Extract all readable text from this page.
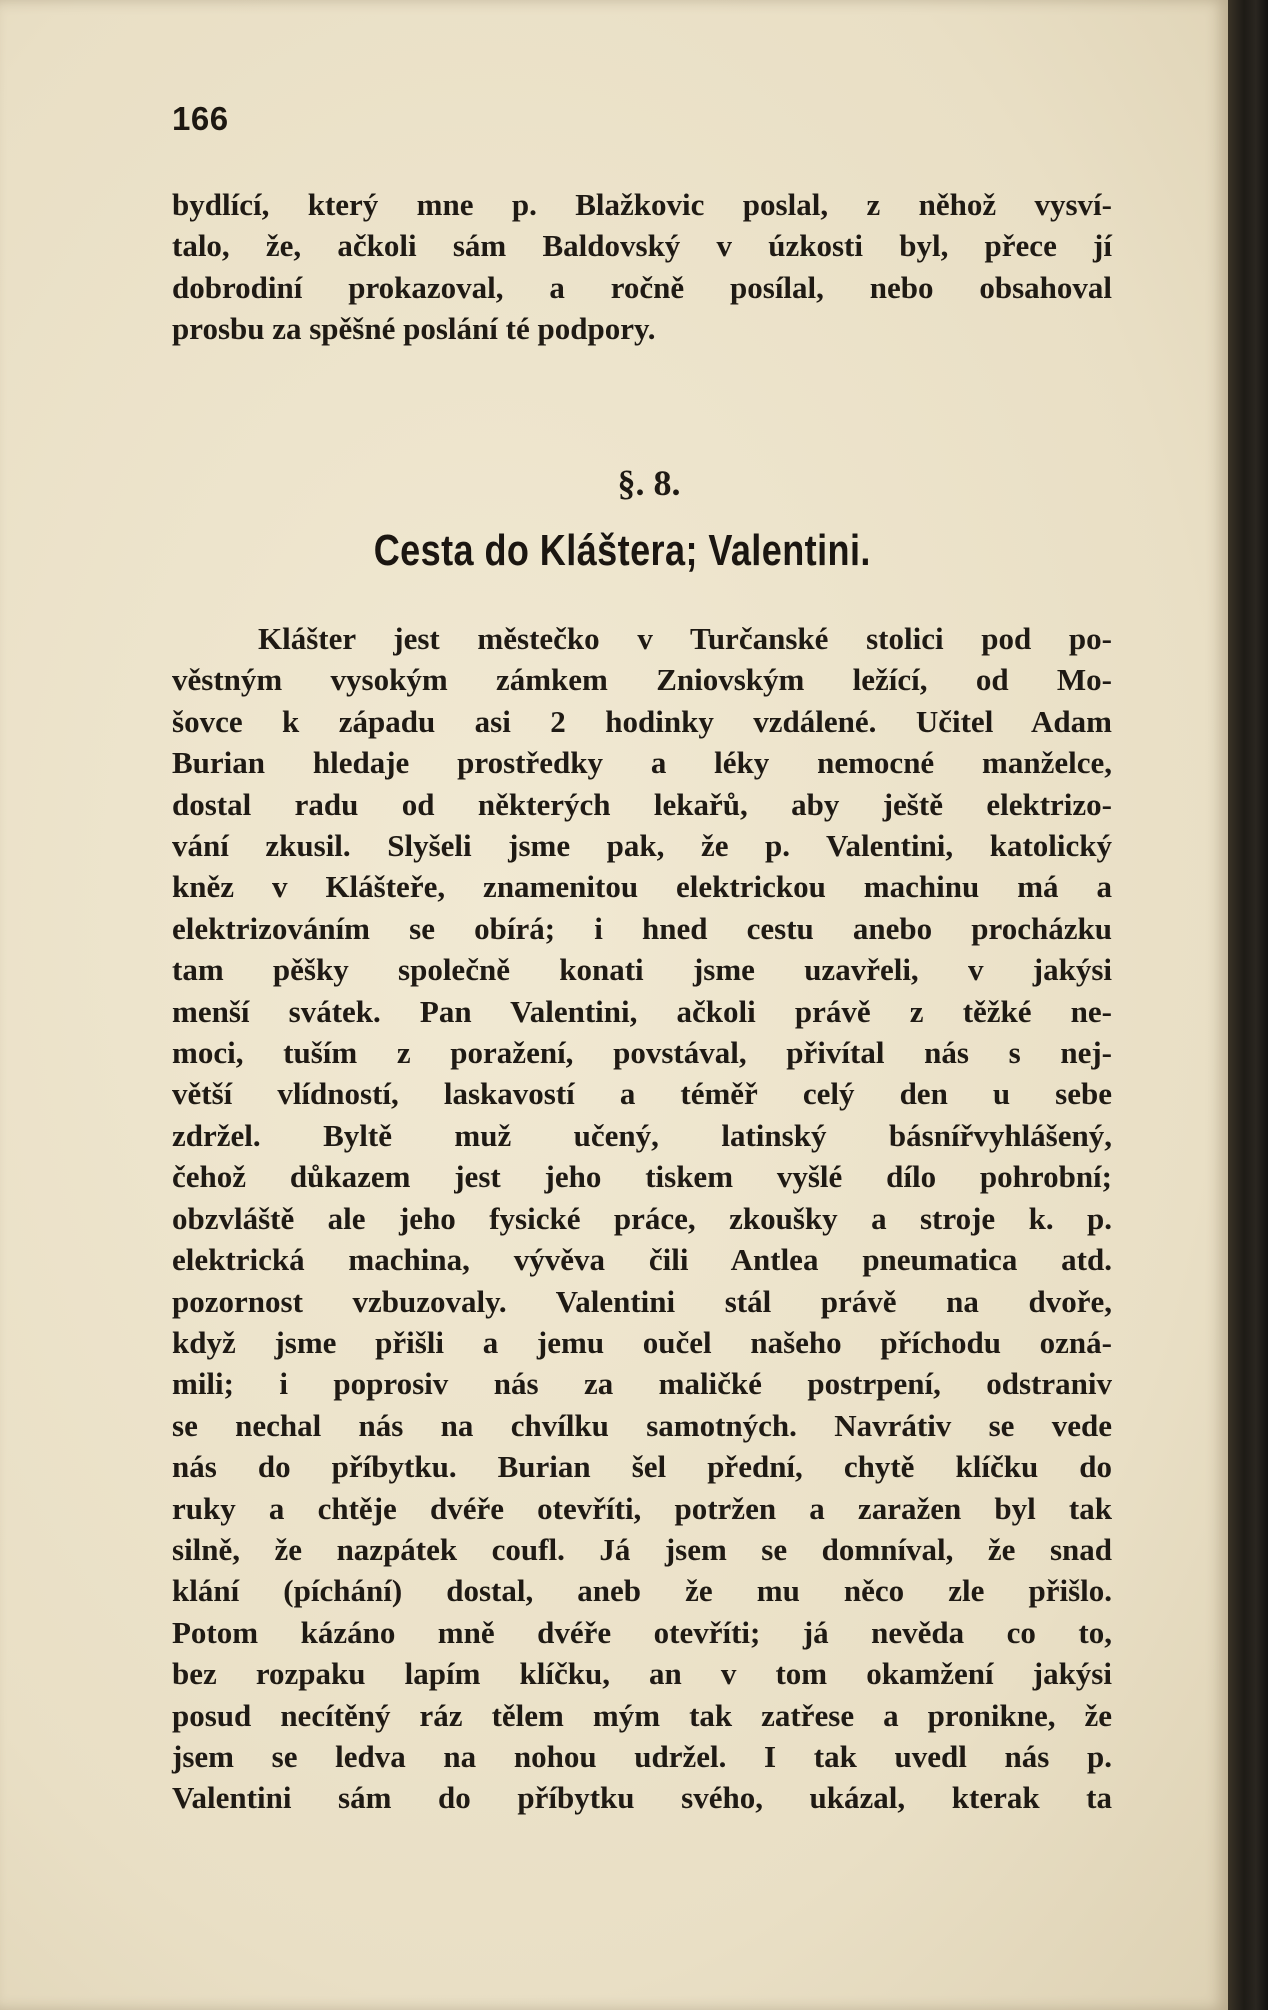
166
bydlící, který mne p. Blažkovic poslal, z něhož vysví-
talo, že, ačkoli sám Baldovský v úzkosti byl, přece jí
dobrodiní prokazoval, a ročně posílal, nebo obsahoval
prosbu za spěšné poslání té podpory.
§. 8.
Cesta do Kláštera; Valentini.
Klášter jest městečko v Turčanské stolici pod po-
věstným vysokým zámkem Zniovským ležící, od Mo-
šovce k západu asi 2 hodinky vzdálené. Učitel Adam
Burian hledaje prostředky a léky nemocné manželce,
dostal radu od některých lekařů, aby ještě elektrizo-
vání zkusil. Slyšeli jsme pak, že p. Valentini, katolický
kněz v Klášteře, znamenitou elektrickou machinu má a
elektrizováním se obírá; i hned cestu anebo procházku
tam pěšky společně konati jsme uzavřeli, v jakýsi
menší svátek. Pan Valentini, ačkoli právě z těžké ne-
moci, tuším z poražení, povstával, přivítal nás s nej-
větší vlídností, laskavostí a téměř celý den u sebe
zdržel. Byltě muž učený, latinský básnířvyhlášený,
čehož důkazem jest jeho tiskem vyšlé dílo pohrobní;
obzvláště ale jeho fysické práce, zkoušky a stroje k. p.
elektrická machina, vývěva čili Antlea pneumatica atd.
pozornost vzbuzovaly. Valentini stál právě na dvoře,
když jsme přišli a jemu oučel našeho příchodu ozná-
mili; i poprosiv nás za maličké postrpení, odstraniv
se nechal nás na chvílku samotných. Navrátiv se vede
nás do příbytku. Burian šel přední, chytě klíčku do
ruky a chtěje dvéře otevříti, potržen a zaražen byl tak
silně, že nazpátek coufl. Já jsem se domníval, že snad
klání (píchání) dostal, aneb že mu něco zle přišlo.
Potom kázáno mně dvéře otevříti; já nevěda co to,
bez rozpaku lapím klíčku, an v tom okamžení jakýsi
posud necítěný ráz tělem mým tak zatřese a pronikne, že
jsem se ledva na nohou udržel. I tak uvedl nás p.
Valentini sám do příbytku svého, ukázal, kterak ta
